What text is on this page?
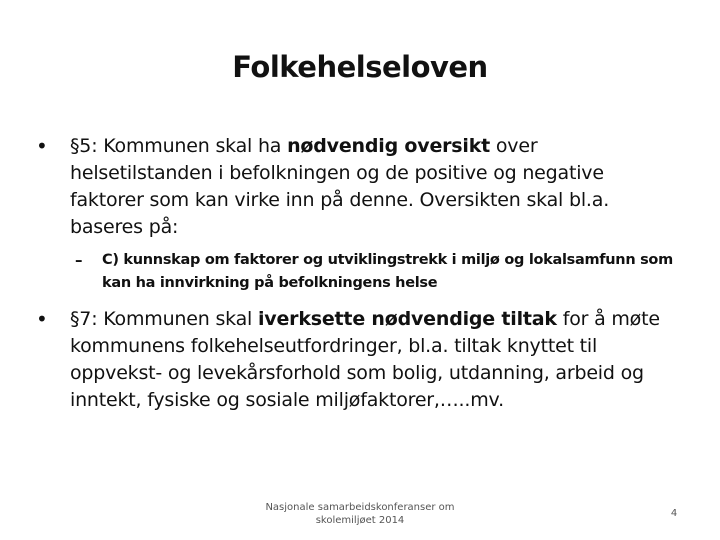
Folkehelseloven
• §5: Kommunen skal ha nødvendig oversikt over helsetilstanden i befolkningen og de positive og negative faktorer som kan virke inn på denne. Oversikten skal bl.a. baseres på:
– C) kunnskap om faktorer og utviklingstrekk i miljø og lokalsamfunn som kan ha innvirkning på befolkningens helse
• §7: Kommunen skal iverksette nødvendige tiltak for å møte kommunens folkehelseutfordringer, bl.a. tiltak knyttet til oppvekst- og levekårsforhold som bolig, utdanning, arbeid og inntekt, fysiske og sosiale miljøfaktorer,…..mv.
Nasjonale samarbeidskonferanser om
skolemiljøet 2014
4
